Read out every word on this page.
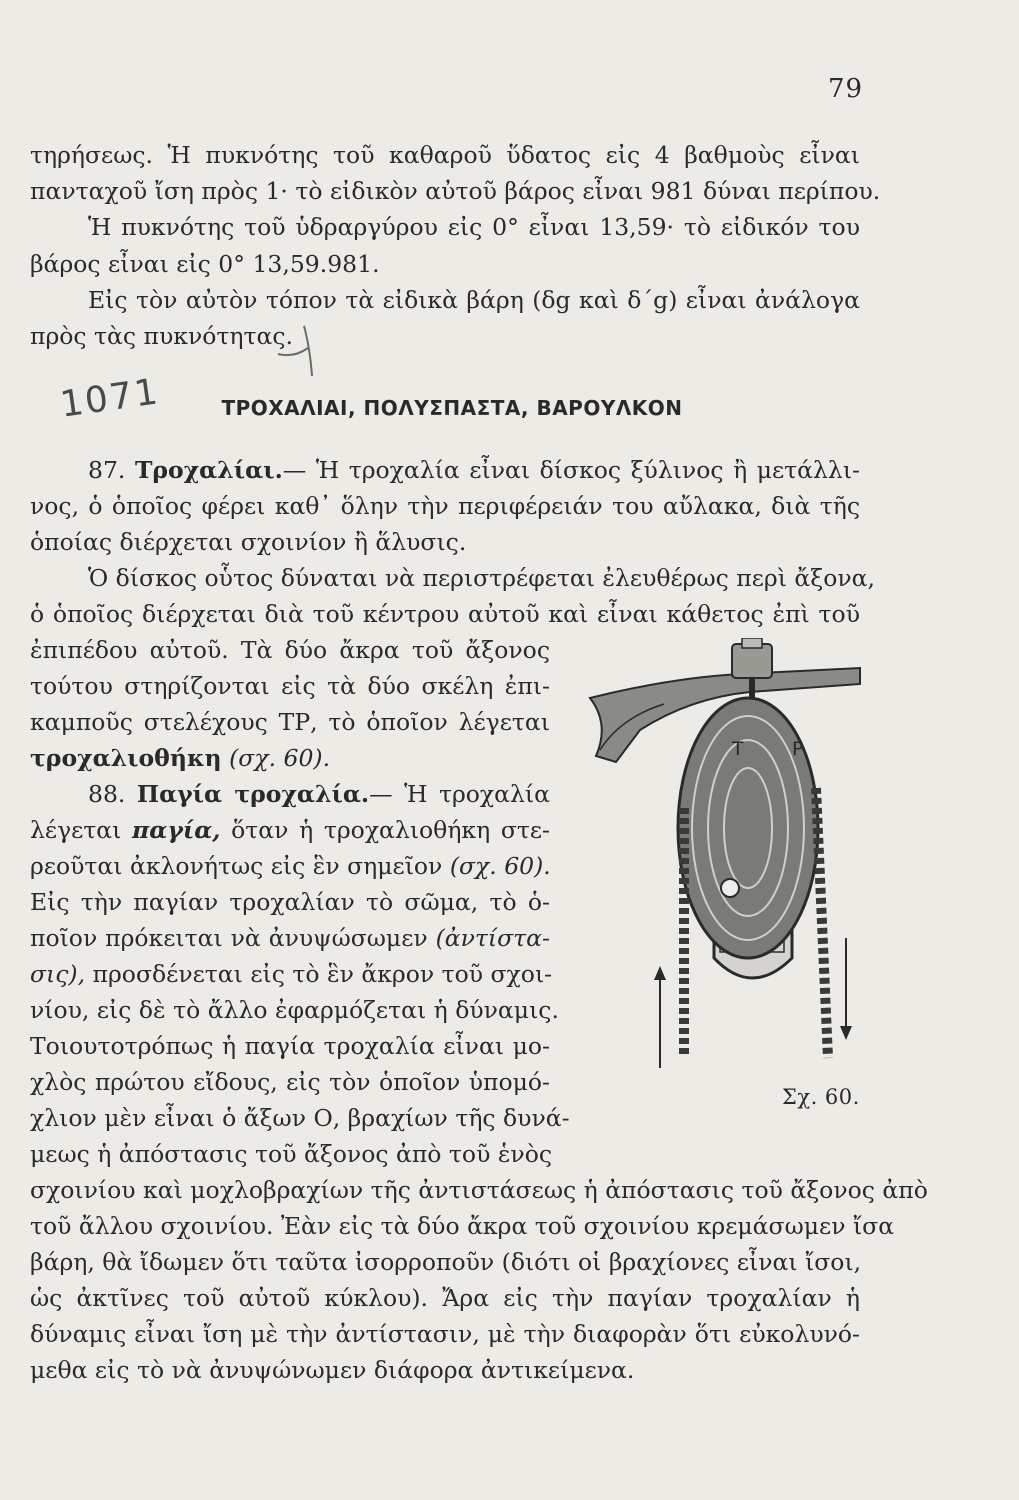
79
τηρήσεως. Ἡ πυκνότης τοῦ καθαροῦ ὕδατος εἰς 4 βαθμοὺς εἶναι
πανταχοῦ ἴση πρὸς 1· τὸ εἰδικὸν αὐτοῦ βάρος εἶναι 981 δύναι περίπου.
Ἡ πυκνότης τοῦ ὑδραργύρου εἰς 0° εἶναι 13,59· τὸ εἰδικόν του
βάρος εἶναι εἰς 0° 13,59.981.
Εἰς τὸν αὐτὸν τόπον τὰ εἰδικὰ βάρη (δg καὶ δ΄g) εἶναι ἀνάλογα
πρὸς τὰς πυκνότητας.
1071	ΤΡΟΧΑΛΙΑΙ, ΠΟΛΥΣΠΑΣΤΑ, ΒΑΡΟΥΛΚΟΝ
87. Τροχαλίαι.— Ἡ τροχαλία εἶναι δίσκος ξύλινος ἢ μετάλλι-
νος, ὁ ὁποῖος φέρει καθ᾽ ὅλην τὴν περιφέρειάν του αὔλακα, διὰ τῆς
ὁποίας διέρχεται σχοινίον ἢ ἅλυσις.
Ὁ δίσκος οὗτος δύναται νὰ περιστρέφεται ἐλευθέρως περὶ ἄξονα,
ὁ ὁποῖος διέρχεται διὰ τοῦ κέντρου αὐτοῦ καὶ εἶναι κάθετος ἐπὶ τοῦ
ἐπιπέδου αὐτοῦ. Τὰ δύο ἄκρα τοῦ ἄξονος
τούτου στηρίζονται εἰς τὰ δύο σκέλη ἐπι-
καμποῦς στελέχους ΤΡ, τὸ ὁποῖον λέγεται
τροχαλιοθήκη (σχ. 60).
88. Παγία τροχαλία.— Ἡ τροχαλία
λέγεται παγία, ὅταν ἡ τροχαλιοθήκη στε-
ρεοῦται ἀκλονήτως εἰς ἓν σημεῖον (σχ. 60).
Εἰς τὴν παγίαν τροχαλίαν τὸ σῶμα, τὸ ὁ-
ποῖον πρόκειται νὰ ἀνυψώσωμεν (ἀντίστα-
σις), προσδένεται εἰς τὸ ἓν ἄκρον τοῦ σχοι-
νίου, εἰς δὲ τὸ ἄλλο ἐφαρμόζεται ἡ δύναμις.
Τοιουτοτρόπως ἡ παγία τροχαλία εἶναι μο-
χλὸς πρώτου εἴδους, εἰς τὸν ὁποῖον ὑπομό-
χλιον μὲν εἶναι ὁ ἄξων Ο, βραχίων τῆς δυνά-
μεως ἡ ἀπόστασις τοῦ ἄξονος ἀπὸ τοῦ ἑνὸς
σχοινίου καὶ μοχλοβραχίων τῆς ἀντιστάσεως ἡ ἀπόστασις τοῦ ἄξονος ἀπὸ
τοῦ ἄλλου σχοινίου. Ἐὰν εἰς τὰ δύο ἄκρα τοῦ σχοινίου κρεμάσωμεν ἴσα
βάρη, θὰ ἴδωμεν ὅτι ταῦτα ἰσορροποῦν (διότι οἱ βραχίονες εἶναι ἴσοι,
ὡς ἀκτῖνες τοῦ αὐτοῦ κύκλου). Ἄρα εἰς τὴν παγίαν τροχαλίαν ἡ
δύναμις εἶναι ἴση μὲ τὴν ἀντίστασιν, μὲ τὴν διαφορὰν ὅτι εὐκολυνό-
μεθα εἰς τὸ νὰ ἀνυψώνωμεν διάφορα ἀντικείμενα.
Τ	Ρ
Σχ. 60.
